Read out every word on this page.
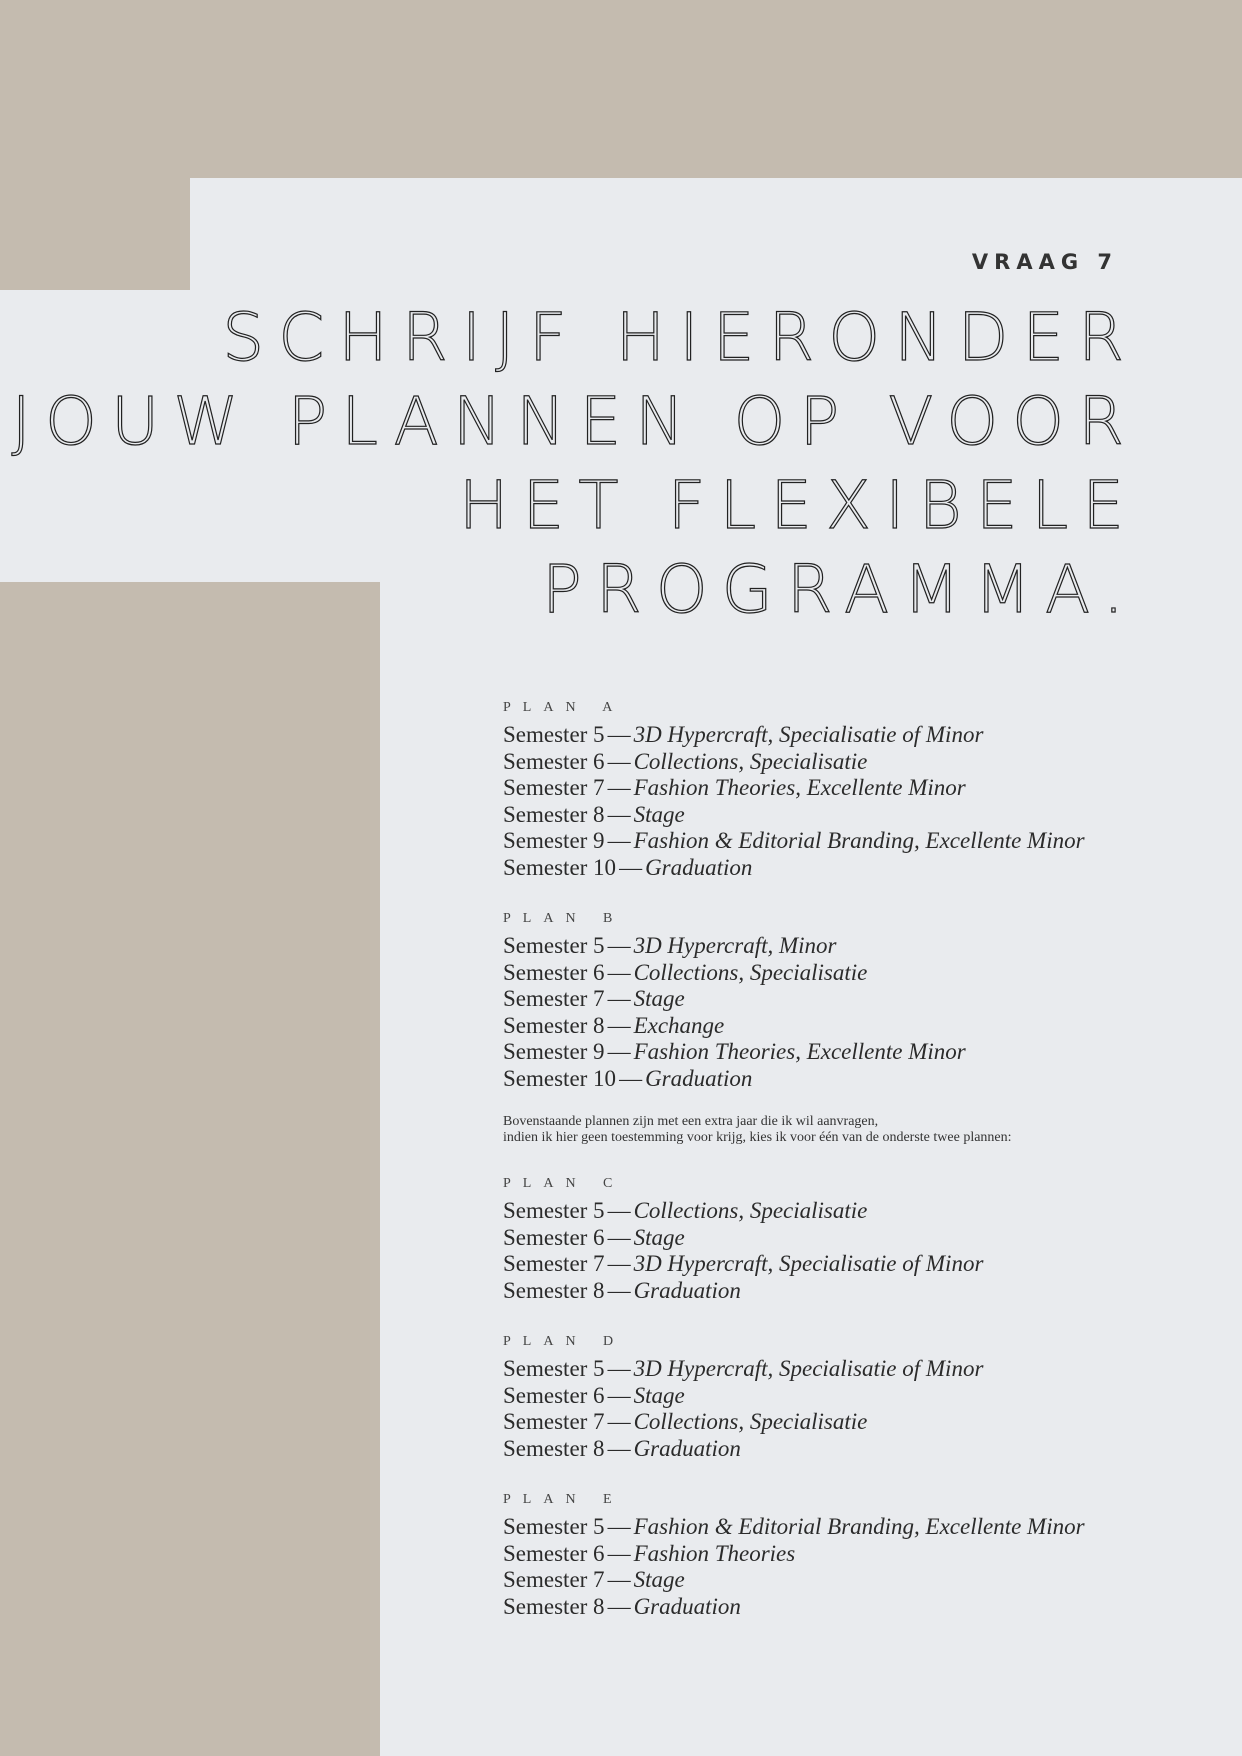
VRAAG 7
SCHRIJF HIERONDER
JOUW PLANNEN OP VOOR
HET FLEXIBELE
PROGRAMMA.
PLAN A
Semester 5 — 3D Hypercraft, Specialisatie of Minor
Semester 6 — Collections, Specialisatie
Semester 7 — Fashion Theories, Excellente Minor
Semester 8 — Stage
Semester 9 — Fashion & Editorial Branding, Excellente Minor
Semester 10 — Graduation
PLAN B
Semester 5 — 3D Hypercraft, Minor
Semester 6 — Collections, Specialisatie
Semester 7 — Stage
Semester 8 — Exchange
Semester 9 — Fashion Theories, Excellente Minor
Semester 10 — Graduation
Bovenstaande plannen zijn met een extra jaar die ik wil aanvragen,
indien ik hier geen toestemming voor krijg, kies ik voor één van de onderste twee plannen:
PLAN C
Semester 5 — Collections, Specialisatie
Semester 6 — Stage
Semester 7 — 3D Hypercraft, Specialisatie of Minor
Semester 8 — Graduation
PLAN D
Semester 5 — 3D Hypercraft, Specialisatie of Minor
Semester 6 — Stage
Semester 7 — Collections, Specialisatie
Semester 8 — Graduation
PLAN E
Semester 5 — Fashion & Editorial Branding, Excellente Minor
Semester 6 — Fashion Theories
Semester 7 — Stage
Semester 8 — Graduation
